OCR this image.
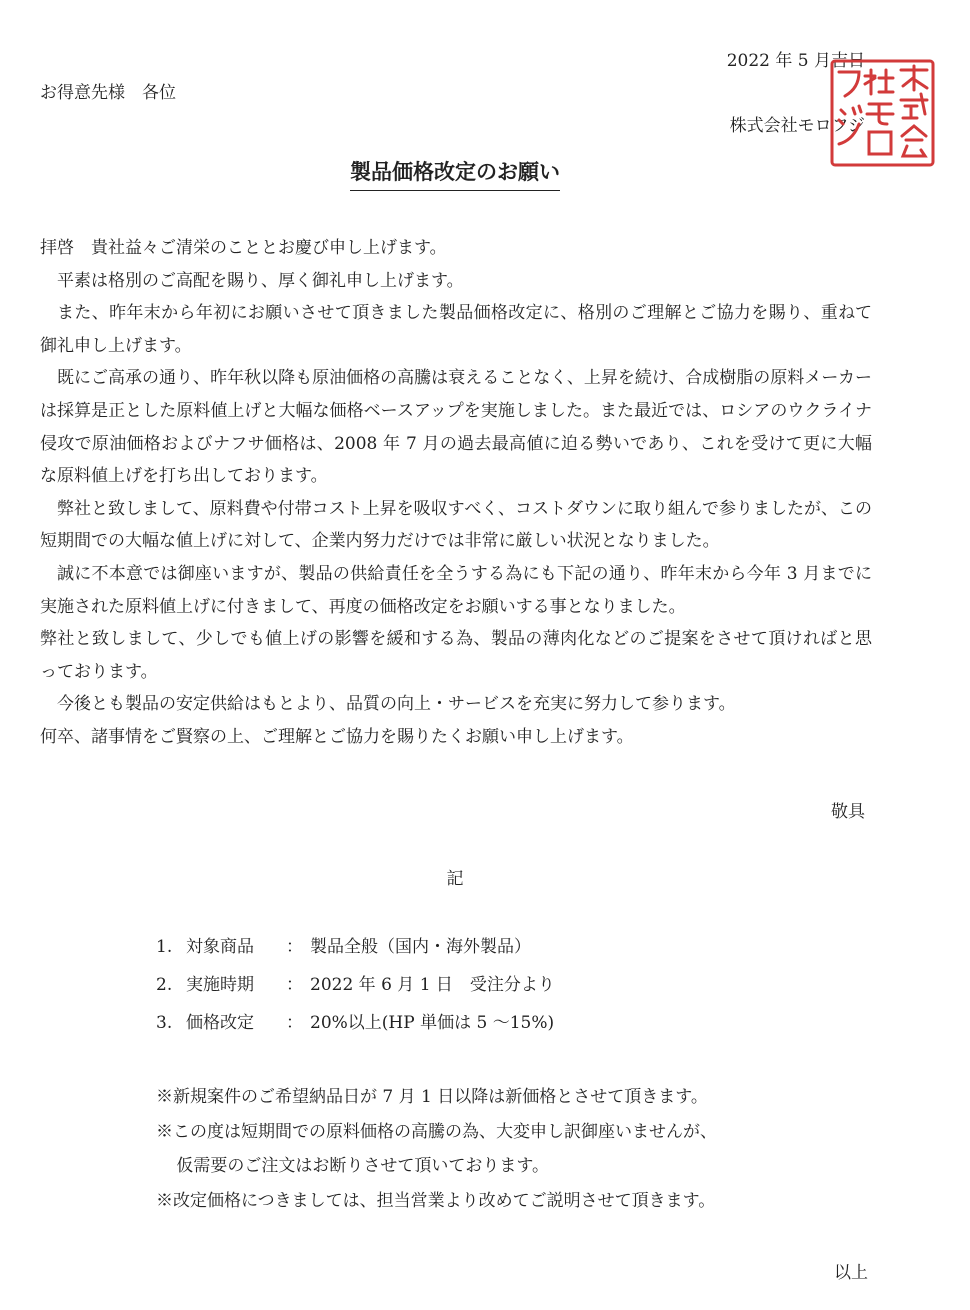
2022 年 5 月吉日
お得意先様　各位
株式会社モロフジ
製品価格改定のお願い

拝啓　貴社益々ご清栄のこととお慶び申し上げます。

平素は格別のご高配を賜り、厚く御礼申し上げます。

また、昨年末から年初にお願いさせて頂きました製品価格改定に、格別のご理解とご協力を賜り、重ねて御礼申し上げます。

既にご高承の通り、昨年秋以降も原油価格の高騰は衰えることなく、上昇を続け、合成樹脂の原料メーカーは採算是正とした原料値上げと大幅な価格ベースアップを実施しました。また最近では、ロシアのウクライナ侵攻で原油価格およびナフサ価格は、2008 年 7 月の過去最高値に迫る勢いであり、これを受けて更に大幅な原料値上げを打ち出しております。

弊社と致しまして、原料費や付帯コスト上昇を吸収すべく、コストダウンに取り組んで参りましたが、この短期間での大幅な値上げに対して、企業内努力だけでは非常に厳しい状況となりました。

誠に不本意では御座いますが、製品の供給責任を全うする為にも下記の通り、昨年末から今年 3 月までに実施された原料値上げに付きまして、再度の価格改定をお願いする事となりました。

弊社と致しまして、少しでも値上げの影響を緩和する為、製品の薄肉化などのご提案をさせて頂ければと思っております。

今後とも製品の安定供給はもとより、品質の向上・サービスを充実に努力して参ります。

何卒、諸事情をご賢察の上、ご理解とご協力を賜りたくお願い申し上げます。

敬具
記
1. 対象商品	： 製品全般（国内・海外製品）
2. 実施時期	： 2022 年 6 月 1 日　受注分より
3. 価格改定	： 20%以上(HP 単価は 5 ～15%)

※新規案件のご希望納品日が 7 月 1 日以降は新価格とさせて頂きます。

※この度は短期間での原料価格の高騰の為、大変申し訳御座いませんが、

仮需要のご注文はお断りさせて頂いております。

※改定価格につきましては、担当営業より改めてご説明させて頂きます。

以上
